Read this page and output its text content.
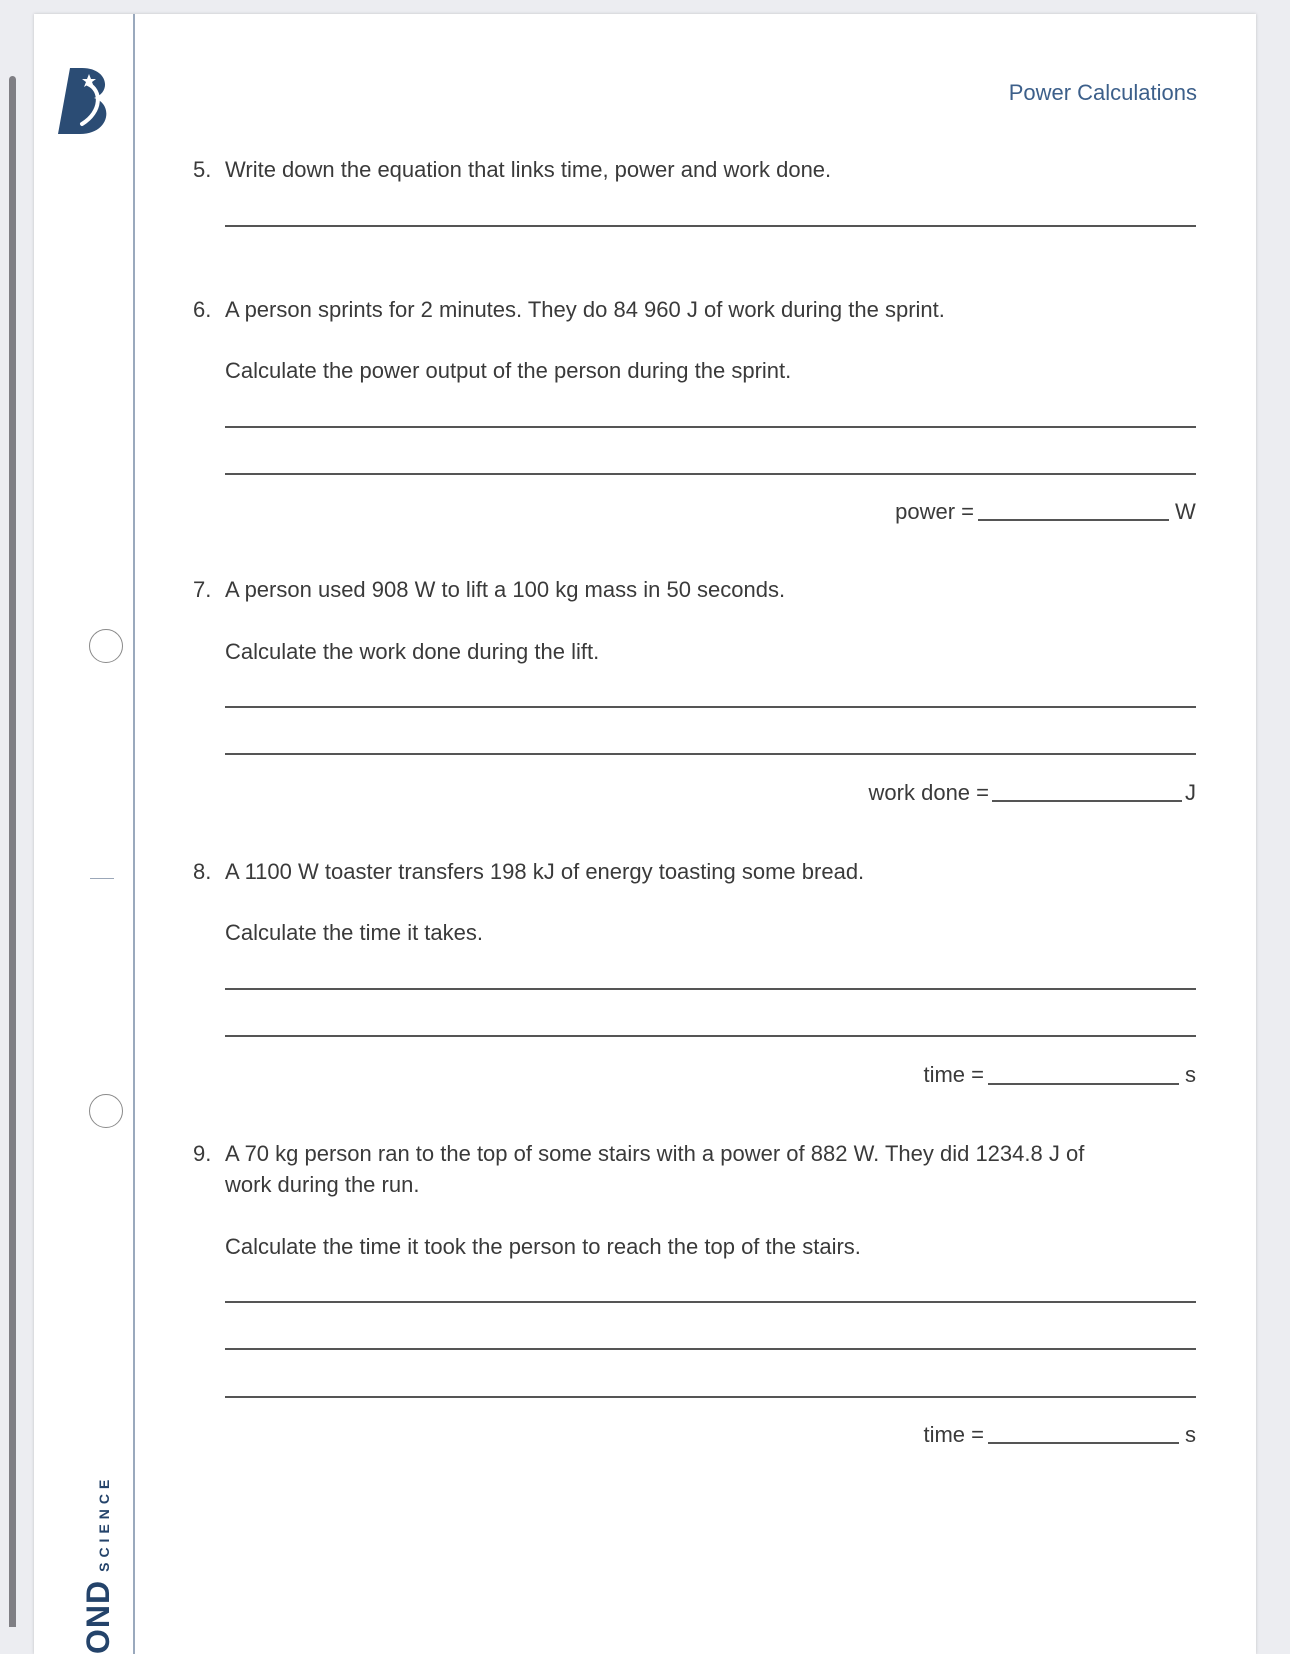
ONDSCIENCE
Power Calculations
5. Write down the equation that links time, power and work done.
6. A person sprints for 2 minutes. They do 84 960 J of work during the sprint.
Calculate the power output of the person during the sprint.
power =	W
7. A person used 908 W to lift a 100 kg mass in 50 seconds.
Calculate the work done during the lift.
work done =	J
8. A 1100 W toaster transfers 198 kJ of energy toasting some bread.
Calculate the time it takes.
time =	s
9. A 70 kg person ran to the top of some stairs with a power of 882 W. They did 1234.8 J of
work during the run.
Calculate the time it took the person to reach the top of the stairs.
time =	s
